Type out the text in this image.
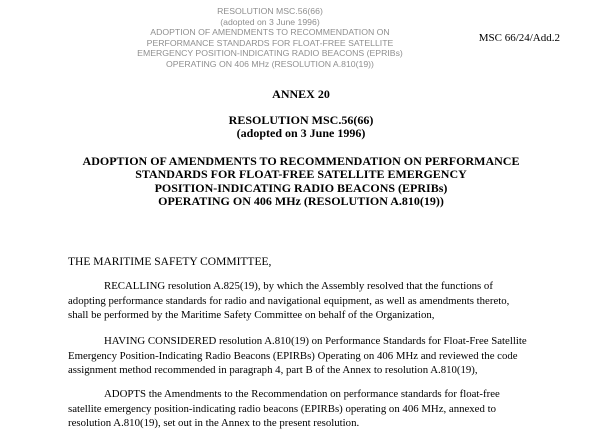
RESOLUTION MSC.56(66)
(adopted on 3 June 1996)
ADOPTION OF AMENDMENTS TO RECOMMENDATION ON
PERFORMANCE STANDARDS FOR FLOAT-FREE SATELLITE
EMERGENCY POSITION-INDICATING RADIO BEACONS (EPRIBs)
OPERATING ON 406 MHz (RESOLUTION A.810(19))
MSC 66/24/Add.2
ANNEX 20
RESOLUTION MSC.56(66)
(adopted on 3 June 1996)
ADOPTION OF AMENDMENTS TO RECOMMENDATION ON PERFORMANCE
STANDARDS FOR FLOAT-FREE SATELLITE EMERGENCY
POSITION-INDICATING RADIO BEACONS (EPRIBs)
OPERATING ON 406 MHz (RESOLUTION A.810(19))
THE MARITIME SAFETY COMMITTEE,
RECALLING resolution A.825(19), by which the Assembly resolved that the functions of
adopting performance standards for radio and navigational equipment, as well as amendments thereto,
shall be performed by the Maritime Safety Committee on behalf of the Organization,
HAVING CONSIDERED resolution A.810(19) on Performance Standards for Float-Free Satellite
Emergency Position-Indicating Radio Beacons (EPIRBs) Operating on 406 MHz and reviewed the code
assignment method recommended in paragraph 4, part B of the Annex to resolution A.810(19),
ADOPTS the Amendments to the Recommendation on performance standards for float-free
satellite emergency position-indicating radio beacons (EPIRBs) operating on 406 MHz, annexed to
resolution A.810(19), set out in the Annex to the present resolution.
